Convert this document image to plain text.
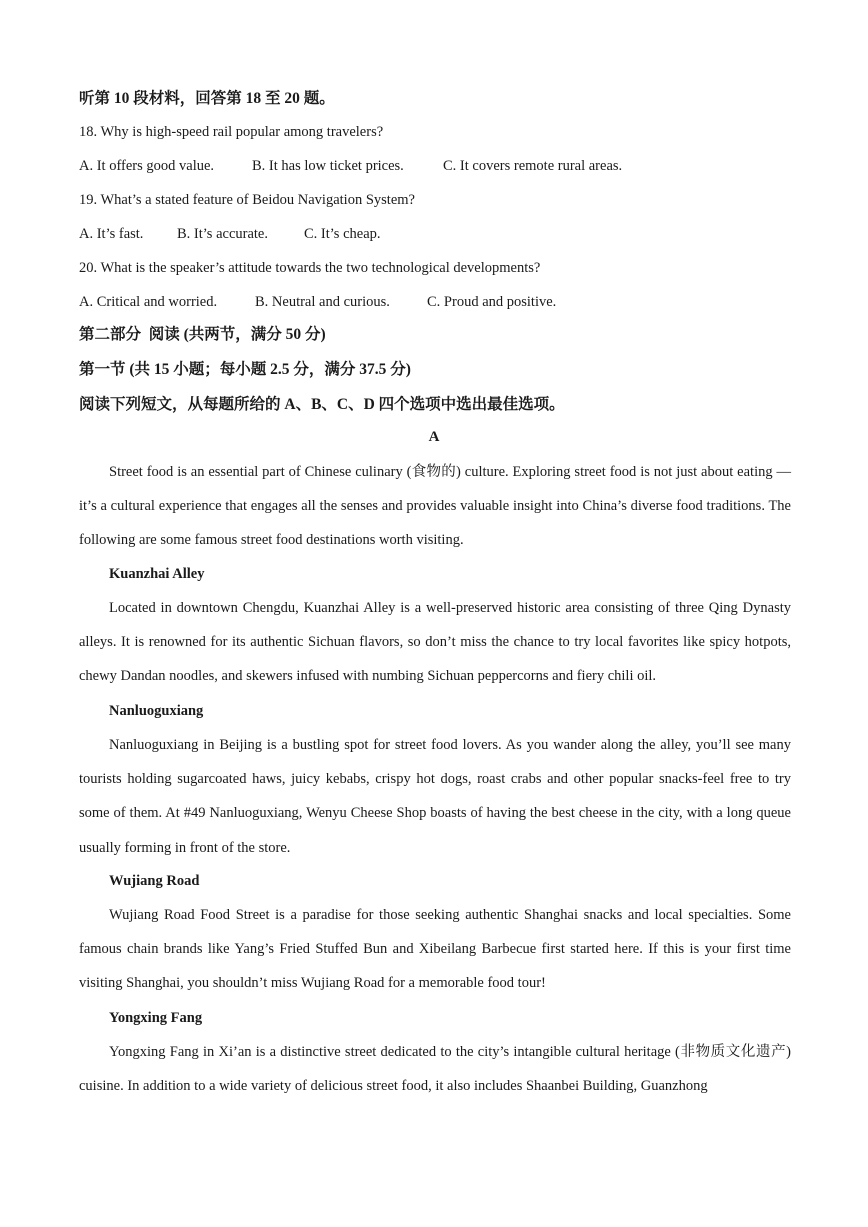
听第 10 段材料，回答第 18 至 20 题。
18. Why is high-speed rail popular among travelers?
A. It offers good value.	B. It has low ticket prices.	C. It covers remote rural areas.
19. What’s a stated feature of Beidou Navigation System?
A. It’s fast. B. It’s accurate. C. It’s cheap.
20. What is the speaker’s attitude towards the two technological developments?
A. Critical and worried.	B. Neutral and curious.	C. Proud and positive.
第二部分  阅读 (共两节，满分 50 分)
第一节 (共 15 小题；每小题 2.5 分，满分 37.5 分)
阅读下列短文，从每题所给的 A、B、C、D 四个选项中选出最佳选项。
A

Street food is an essential part of Chinese culinary (食物的) culture. Exploring street food is not just about eating — it’s a cultural experience that engages all the senses and provides valuable insight into China’s diverse food traditions. The following are some famous street food destinations worth visiting.

Kuanzhai Alley

Located in downtown Chengdu, Kuanzhai Alley is a well-preserved historic area consisting of three Qing Dynasty alleys. It is renowned for its authentic Sichuan flavors, so don’t miss the chance to try local favorites like spicy hotpots, chewy Dandan noodles, and skewers infused with numbing Sichuan peppercorns and fiery chili oil.

Nanluoguxiang

Nanluoguxiang in Beijing is a bustling spot for street food lovers. As you wander along the alley, you’ll see many tourists holding sugarcoated haws, juicy kebabs, crispy hot dogs, roast crabs and other popular snacks-feel free to try some of them. At #49 Nanluoguxiang, Wenyu Cheese Shop boasts of having the best cheese in the city, with a long queue usually forming in front of the store.

Wujiang Road

Wujiang Road Food Street is a paradise for those seeking authentic Shanghai snacks and local specialties. Some famous chain brands like Yang’s Fried Stuffed Bun and Xibeilang Barbecue first started here. If this is your first time visiting Shanghai, you shouldn’t miss Wujiang Road for a memorable food tour!

Yongxing Fang

Yongxing Fang in Xi’an is a distinctive street dedicated to the city’s intangible cultural heritage (非物质文化遗产) cuisine. In addition to a wide variety of delicious street food, it also includes Shaanbei Building, Guanzhong
